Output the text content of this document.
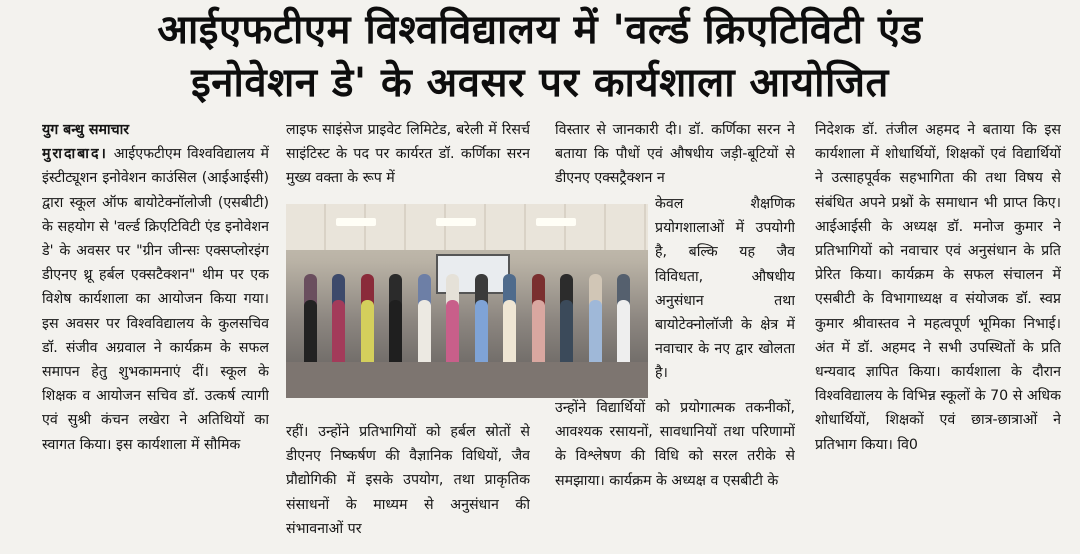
आईएफटीएम विश्वविद्यालय में 'वर्ल्ड क्रिएटिविटी एंड
इनोवेशन डे' के अवसर पर कार्यशाला आयोजित

युग बन्धु समाचार

मुरादाबाद। आईएफटीएम विश्वविद्यालय में इंस्टीट्यूशन इनोवेशन काउंसिल (आईआईसी) द्वारा स्कूल ऑफ बायोटेक्नॉलोजी (एसबीटी) के सहयोग से 'वर्ल्ड क्रिएटिविटी एंड इनोवेशन डे' के अवसर पर "ग्रीन जीन्सः एक्सप्लोरइंग डीएनए थ्रू हर्बल एक्सटैक्शन" थीम पर एक विशेष कार्यशाला का आयोजन किया गया। इस अवसर पर विश्वविद्यालय के कुलसचिव डॉ. संजीव अग्रवाल ने कार्यक्रम के सफल समापन हेतु शुभकामनाएं दीं। स्कूल के शिक्षक व आयोजन सचिव डॉ. उत्कर्ष त्यागी एवं सुश्री कंचन लखेरा ने अतिथियों का स्वागत किया। इस कार्यशाला में सौमिक

लाइफ साइंसेज प्राइवेट लिमिटेड, बरेली में रिसर्च साइंटिस्ट के पद पर कार्यरत डॉ. कर्णिका सरन मुख्य वक्ता के रूप में

रहीं। उन्होंने प्रतिभागियों को हर्बल स्रोतों से डीएनए निष्कर्षण की वैज्ञानिक विधियों, जैव प्रौद्योगिकी में इसके उपयोग, तथा प्राकृतिक संसाधनों के माध्यम से अनुसंधान की संभावनाओं पर

विस्तार से जानकारी दी। डॉ. कर्णिका सरन ने बताया कि पौधों एवं औषधीय जड़ी-बूटियों से डीएनए एक्सट्रैक्शन न

केवल शैक्षणिक प्रयोगशालाओं में उपयोगी है, बल्कि यह जैव विविधता, औषधीय अनुसंधान तथा बायोटेक्नोलॉजी के क्षेत्र में नवाचार के नए द्वार खोलता है।

उन्होंने विद्यार्थियों को प्रयोगात्मक तकनीकों, आवश्यक रसायनों, सावधानियों तथा परिणामों के विश्लेषण की विधि को सरल तरीके से समझाया। कार्यक्रम के अध्यक्ष व एसबीटी के

निदेशक डॉ. तंजील अहमद ने बताया कि इस कार्यशाला में शोधार्थियों, शिक्षकों एवं विद्यार्थियों ने उत्साहपूर्वक सहभागिता की तथा विषय से संबंधित अपने प्रश्नों के समाधान भी प्राप्त किए। आईआईसी के अध्यक्ष डॉ. मनोज कुमार ने प्रतिभागियों को नवाचार एवं अनुसंधान के प्रति प्रेरित किया। कार्यक्रम के सफल संचालन में एसबीटी के विभागाध्यक्ष व संयोजक डॉ. स्वप्न कुमार श्रीवास्तव ने महत्वपूर्ण भूमिका निभाई। अंत में डॉ. अहमद ने सभी उपस्थितों के प्रति धन्यवाद ज्ञापित किया। कार्यशाला के दौरान विश्वविद्यालय के विभिन्न स्कूलों के 70 से अधिक शोधार्थियों, शिक्षकों एवं छात्र-छात्राओं ने प्रतिभाग किया। वि0
